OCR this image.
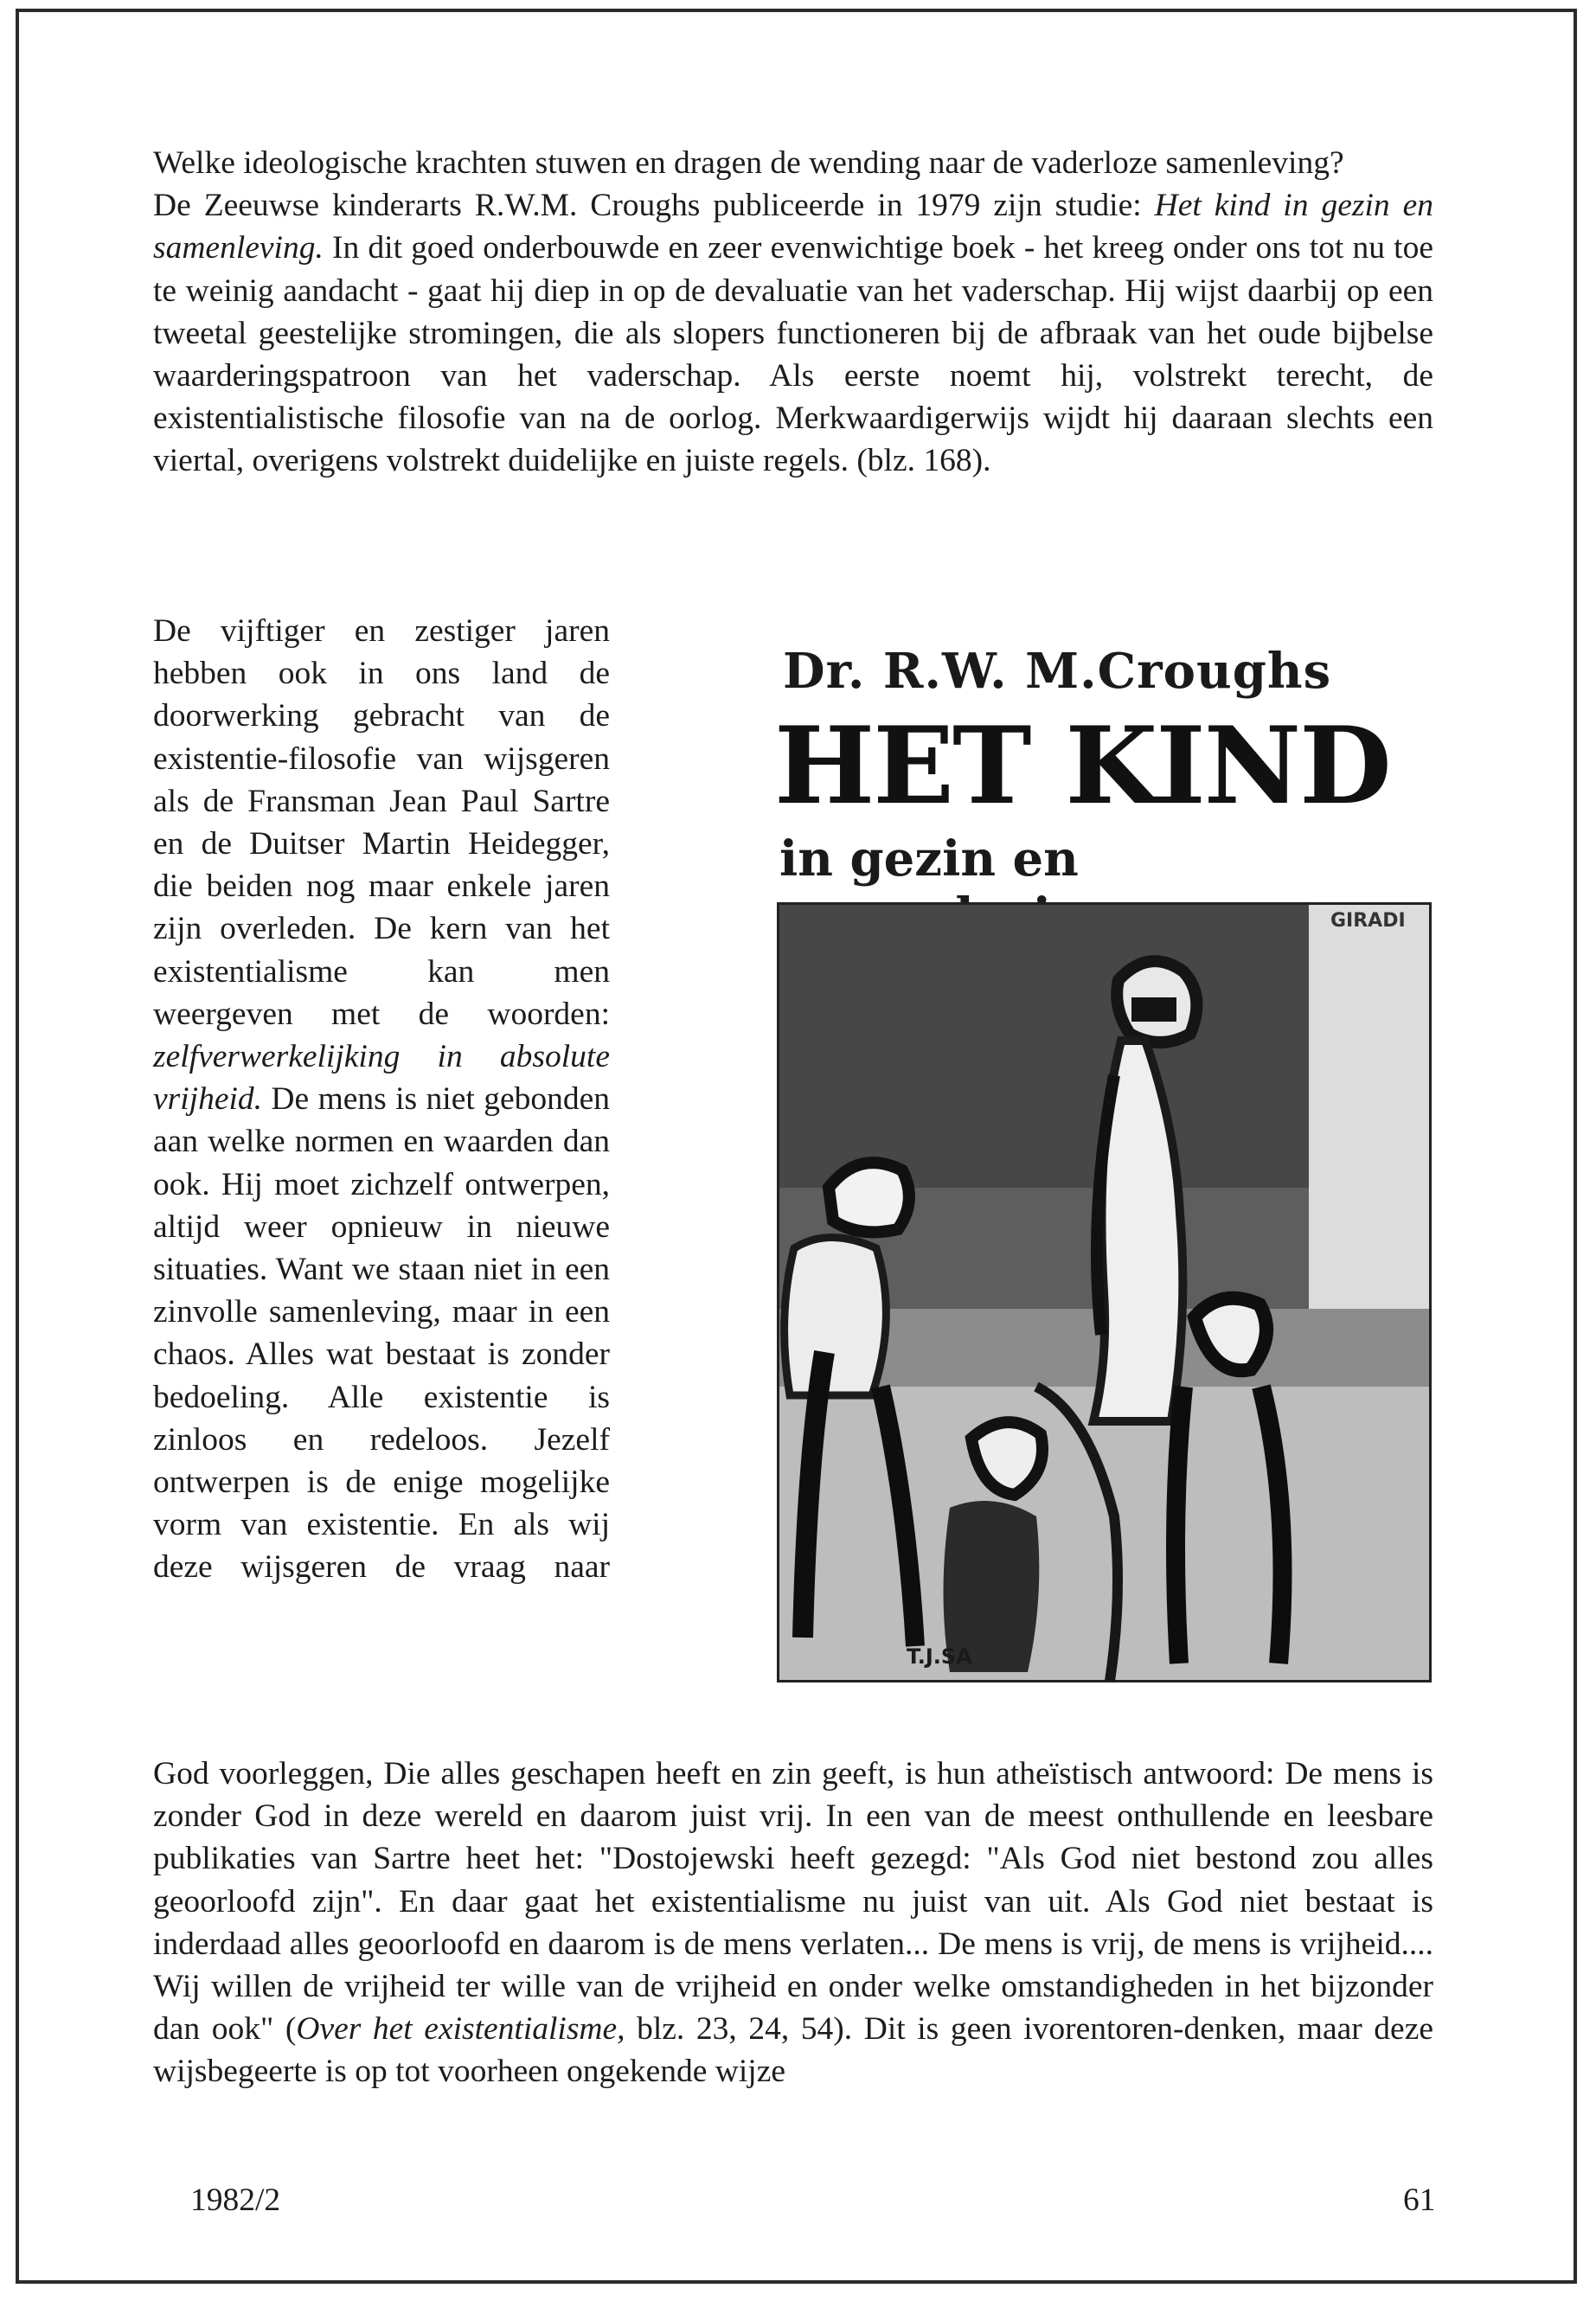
Welke ideologische krachten stuwen en dragen de wending naar de vaderloze samenleving?

De Zeeuwse kinderarts R.W.M. Croughs publiceerde in 1979 zijn studie: Het kind in gezin en samenleving. In dit goed onderbouwde en zeer evenwichtige boek - het kreeg onder ons tot nu toe te weinig aandacht - gaat hij diep in op de devaluatie van het vaderschap. Hij wijst daarbij op een tweetal geestelijke stromingen, die als slopers functioneren bij de afbraak van het oude bijbelse waarderingspatroon van het vaderschap. Als eerste noemt hij, volstrekt terecht, de existentialistische filosofie van na de oorlog. Merkwaardigerwijs wijdt hij daaraan slechts een viertal, overigens volstrekt duidelijke en juiste regels. (blz. 168).

De vijftiger en zestiger jaren hebben ook in ons land de doorwerking gebracht van de existentie-filosofie van wijsgeren als de Fransman Jean Paul Sartre en de Duitser Martin Heidegger, die beiden nog maar enkele jaren zijn overleden. De kern van het existentialisme kan men weergeven met de woorden: zelfverwerkelijking in absolute vrijheid. De mens is niet gebonden aan welke normen en waarden dan ook. Hij moet zichzelf ontwerpen, altijd weer opnieuw in nieuwe situaties. Want we staan niet in een zinvolle samenleving, maar in een chaos. Alles wat bestaat is zonder bedoeling. Alle existentie is zinloos en redeloos. Jezelf ontwerpen is de enige mogelijke vorm van existentie. En als wij deze wijsgeren de vraag naar

Dr. R.W. M.Croughs
HET KIND
in gezin en
GIRADI
T.J.SA

God voorleggen, Die alles geschapen heeft en zin geeft, is hun atheïstisch antwoord: De mens is zonder God in deze wereld en daarom juist vrij. In een van de meest onthullende en leesbare publikaties van Sartre heet het: "Dostojewski heeft gezegd: "Als God niet bestond zou alles geoorloofd zijn". En daar gaat het existentialisme nu juist van uit. Als God niet bestaat is inderdaad alles geoorloofd en daarom is de mens verlaten... De mens is vrij, de mens is vrijheid.... Wij willen de vrijheid ter wille van de vrijheid en onder welke omstandigheden in het bijzonder dan ook" (Over het existentialisme, blz. 23, 24, 54). Dit is geen ivorentoren-denken, maar deze wijsbegeerte is op tot voorheen ongekende wijze

1982/2	61
